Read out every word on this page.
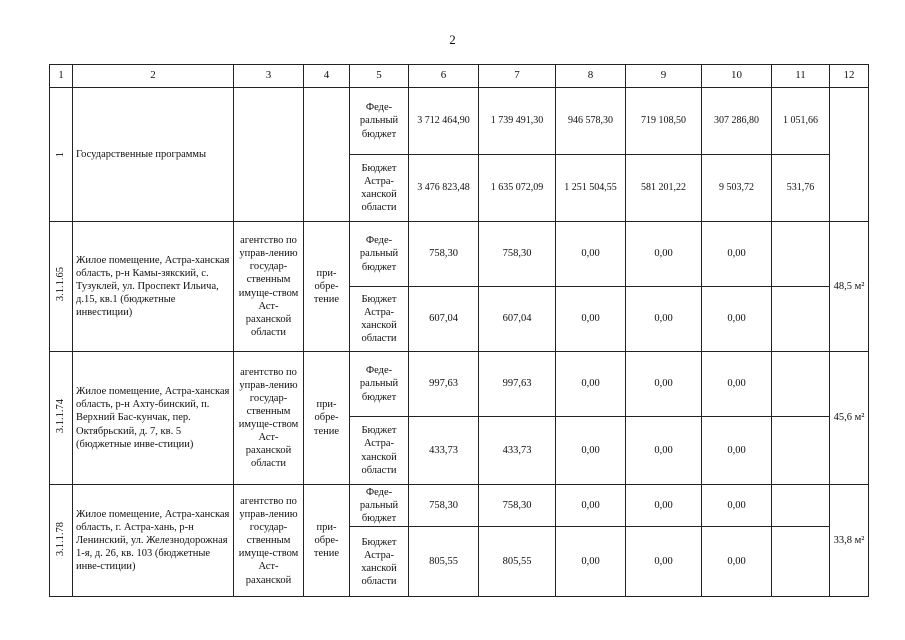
2
1	2	3	4	5	6	7	8	9	10	11	12
1	Государственные программы			Феде-ральный бюджет	3 712 464,90	1 739 491,30	946 578,30	719 108,50	307 286,80	1 051,66	
				Бюджет Астра-ханской области	3 476 823,48	1 635 072,09	1 251 504,55	581 201,22	9 503,72	531,76	
3.1.1.65	Жилое помещение, Астра-ханская область, р-н Камы-зякский, с. Тузуклей, ул. Проспект Ильича, д.15, кв.1 (бюджетные инвестиции)	агентство по управ-лению государ-ственным имуще-ством Аст-раханской области	при-обре-тение	Феде-ральный бюджет	758,30	758,30	0,00	0,00	0,00		48,5 м²
				Бюджет Астра-ханской области	607,04	607,04	0,00	0,00	0,00		
3.1.1.74	Жилое помещение, Астра-ханская область, р-н Ахту-бинский, п. Верхний Бас-кунчак, пер. Октябрьский, д. 7, кв. 5 (бюджетные инве-стиции)	агентство по управ-лению государ-ственным имуще-ством Аст-раханской области	при-обре-тение	Феде-ральный бюджет	997,63	997,63	0,00	0,00	0,00		45,6 м²
				Бюджет Астра-ханской области	433,73	433,73	0,00	0,00	0,00		
3.1.1.78	Жилое помещение, Астра-ханская область, г. Астра-хань, р-н Ленинский, ул. Железнодорожная 1-я, д. 26, кв. 103 (бюджетные инве-стиции)	агентство по управ-лению государ-ственным имуще-ством Аст-раханской	при-обре-тение	Феде-ральный бюджет	758,30	758,30	0,00	0,00	0,00		33,8 м²
				Бюджет Астра-ханской области	805,55	805,55	0,00	0,00	0,00		
